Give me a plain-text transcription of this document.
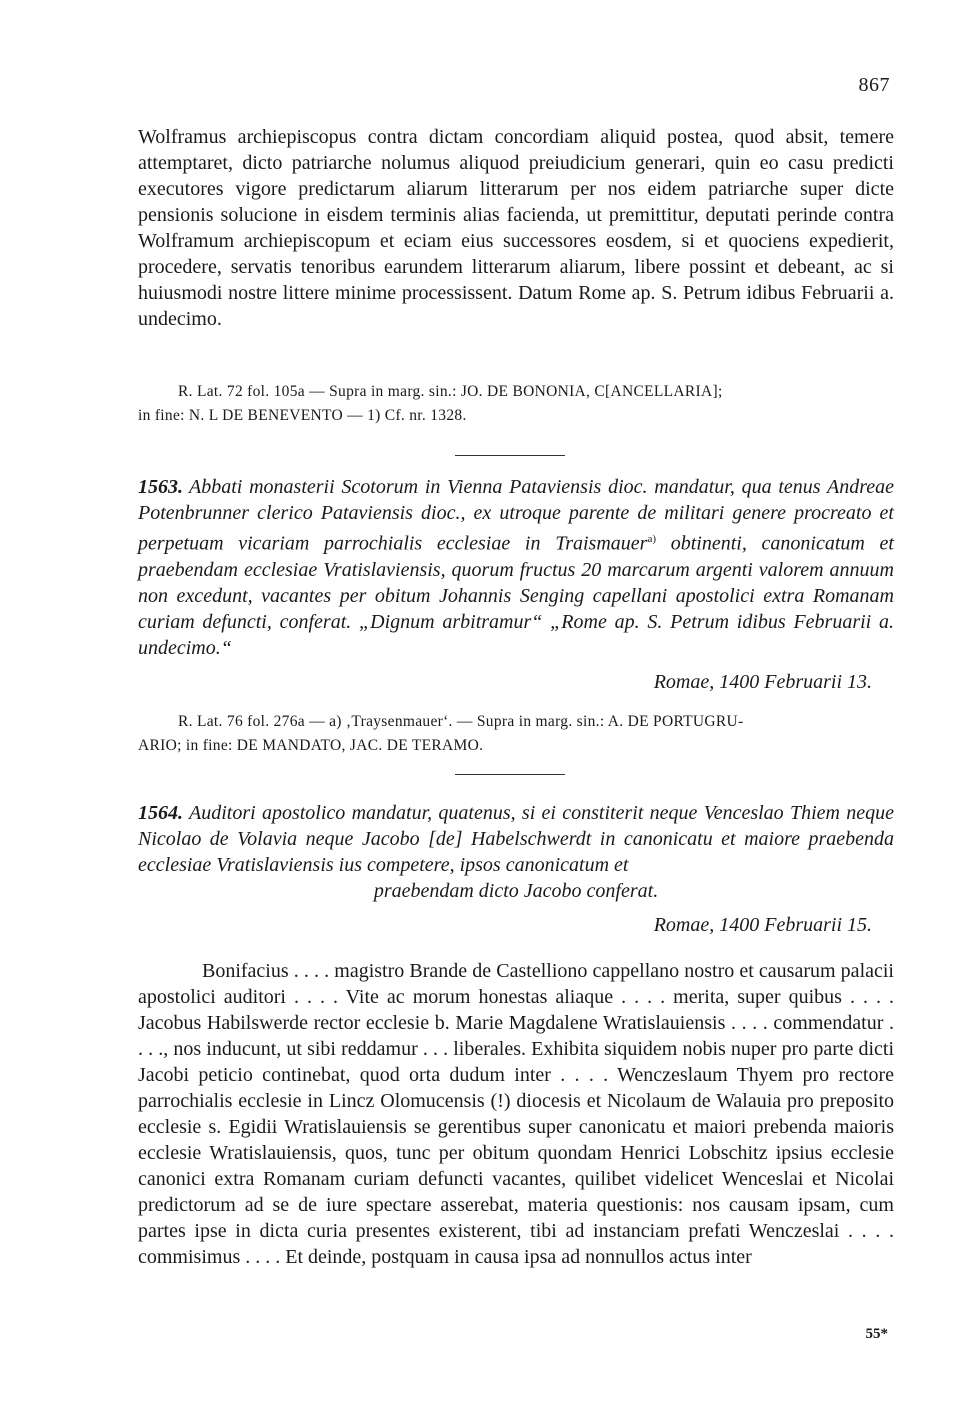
867

Wolframus archiepiscopus contra dictam concordiam aliquid postea, quod absit, temere attemptaret, dicto patriarche nolumus aliquod preiudicium generari, quin eo casu predicti executores vigore predictarum aliarum litterarum per nos eidem patriarche super dicte pensionis solucione in eisdem terminis alias facienda, ut premittitur, deputati perinde contra Wolframum archiepiscopum et eciam eius successores eosdem, si et quociens expedierit, procedere, servatis tenoribus earundem litterarum aliarum, libere possint et debeant, ac si huiusmodi nostre littere minime processissent. Datum Rome ap. S. Petrum idibus Februarii a. undecimo.

R. Lat. 72 fol. 105a — Supra in marg. sin.: JO. DE BONONIA, C[ANCELLARIA];
in fine: N. L DE BENEVENTO — 1) Cf. nr. 1328.
1563. Abbati monasterii Scotorum in Vienna Pataviensis dioc. mandatur, qua tenus Andreae Potenbrunner clerico Pataviensis dioc., ex utroque parente de militari genere procreato et perpetuam vicariam parrochialis ecclesiae in Traismauer$^{a)}$ obtinenti, canonicatum et praebendam ecclesiae Vratislaviensis, quorum fructus 20 marcarum argenti valorem annuum non excedunt, vacantes per obitum Johannis Senging capellani apostolici extra Romanam curiam defuncti, conferat. „Dignum arbitramur“ „Rome ap. S. Petrum idibus Februarii a. undecimo.“
Romae, 1400 Februarii 13.
R. Lat. 76 fol. 276a — a) ‚Traysenmauer‘. — Supra in marg. sin.: A. DE PORTUGRU-
ARIO; in fine: DE MANDATO, JAC. DE TERAMO.
1564. Auditori apostolico mandatur, quatenus, si ei constiterit neque Venceslao Thiem neque Nicolao de Volavia neque Jacobo [de] Habelschwerdt in canonicatu et maiore praebenda ecclesiae Vratislaviensis ius competere, ipsos canonicatum et
praebendam dicto Jacobo conferat.
Romae, 1400 Februarii 15.

Bonifacius . . . . magistro Brande de Castelliono cappellano nostro et causarum palacii apostolici auditori . . . . Vite ac morum honestas aliaque . . . . merita, super quibus . . . . Jacobus Habilswerde rector ecclesie b. Marie Magdalene Wratislauiensis . . . . commendatur . . . ., nos inducunt, ut sibi reddamur . . . liberales. Exhibita siquidem nobis nuper pro parte dicti Jacobi peticio continebat, quod orta dudum inter . . . . Wenczeslaum Thyem pro rectore parrochialis ecclesie in Lincz Olomucensis (!) diocesis et Nicolaum de Walauia pro preposito ecclesie s. Egidii Wratislauiensis se gerentibus super canonicatu et maiori prebenda maioris ecclesie Wratislauiensis, quos, tunc per obitum quondam Henrici Lobschitz ipsius ecclesie canonici extra Romanam curiam defuncti vacantes, quilibet videlicet Wenceslai et Nicolai predictorum ad se de iure spectare asserebat, materia questionis: nos causam ipsam, cum partes ipse in dicta curia presentes existerent, tibi ad instanciam prefati Wenczeslai . . . . commisimus . . . . Et deinde, postquam in causa ipsa ad nonnullos actus inter

55*
